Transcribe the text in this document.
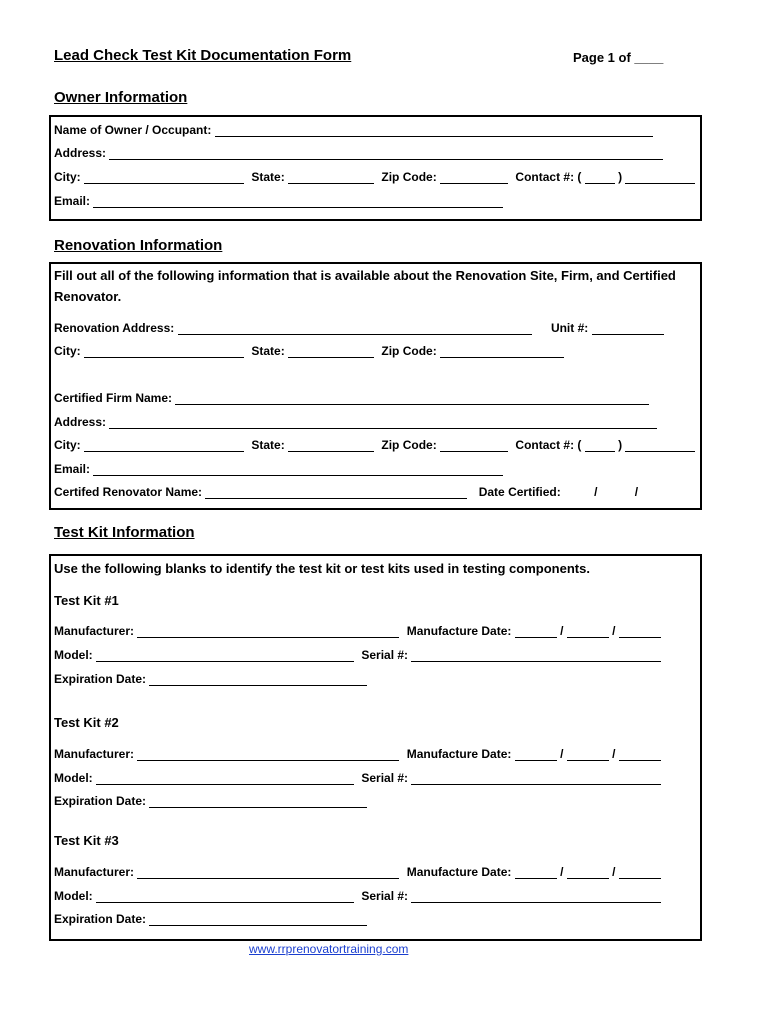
Lead Check Test Kit Documentation Form	Page 1 of ____
Owner Information
Name of Owner / Occupant:
Address:
City:	State:	Zip Code:	Contact #: (	)
Email:
Renovation Information
Fill out all of the following information that is available about the Renovation Site, Firm, and Certified Renovator.
Renovation Address:	Unit #:
City:	State:	Zip Code:
Certified Firm Name:
Address:
City:	State:	Zip Code:	Contact #: (	)
Email:
Certifed Renovator Name:	Date Certified:	/	/
Test Kit Information
Use the following blanks to identify the test kit or test kits used in testing components.
Test Kit #1
Manufacturer:	Manufacture Date:	/	/
Model:	Serial #:
Expiration Date:
Test Kit #2
Manufacturer:	Manufacture Date:	/	/
Model:	Serial #:
Expiration Date:
Test Kit #3
Manufacturer:	Manufacture Date:	/	/
Model:	Serial #:
Expiration Date:
www.rrprenovatortraining.com
